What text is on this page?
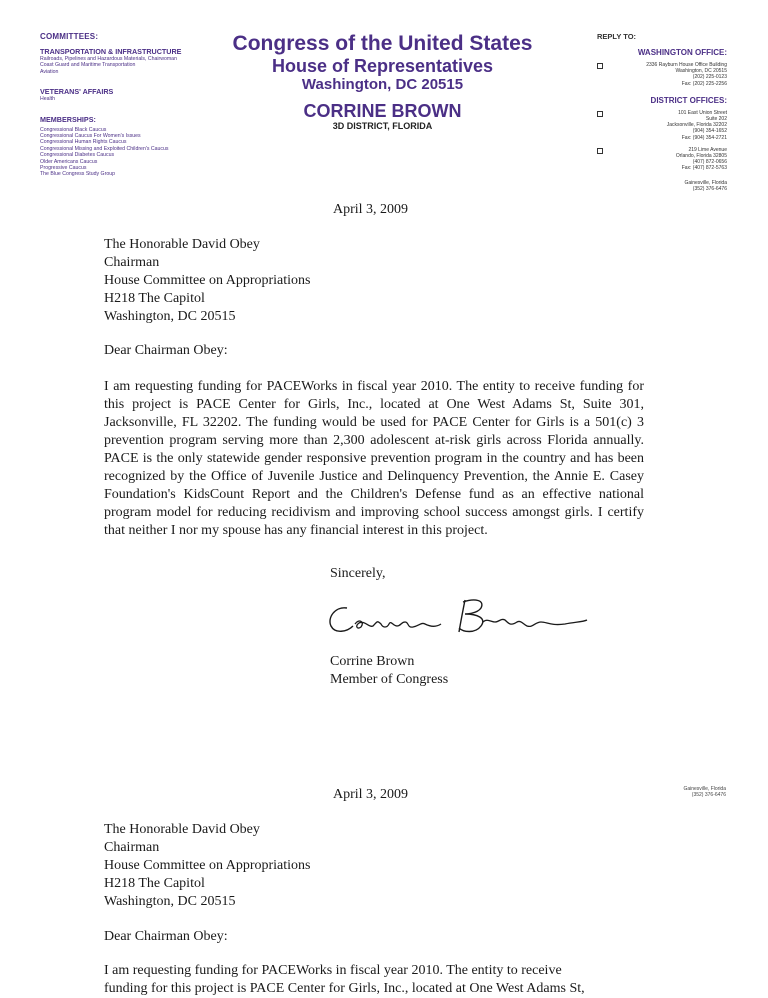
COMMITTEES:

TRANSPORTATION & INFRASTRUCTURE

Railroads, Pipelines and Hazardous Materials, Chairwoman

Coast Guard and Maritime Transportation

Aviation

VETERANS' AFFAIRS

Health

MEMBERSHIPS:

Congressional Black Caucus

Congressional Caucus For Women's Issues

Congressional Human Rights Caucus

Congressional Missing and Exploited Children's Caucus

Congressional Diabetes Caucus

Older Americans Caucus

Progressive Caucus

The Blue Congress Study Group

Congress of the United States
House of Representatives
Washington, DC 20515
CORRINE BROWN
3D DISTRICT, FLORIDA

REPLY TO:

WASHINGTON OFFICE:

2336 Rayburn House Office Building

Washington, DC 20515

(202) 225-0123

Fax: (202) 225-2256

DISTRICT OFFICES:

101 East Union Street

Suite 202

Jacksonville, Florida 32202

(904) 354-1652

Fax: (904) 354-2721

219 Lime Avenue

Orlando, Florida 32805

(407) 872-0656

Fax: (407) 872-5763

Gainesville, Florida

(352) 376-6476

April 3, 2009
The Honorable David Obey
Chairman
House Committee on Appropriations
H218 The Capitol
Washington, DC 20515
Dear Chairman Obey:
I am requesting funding for PACEWorks in fiscal year 2010. The entity to receive funding for this project is PACE Center for Girls, Inc., located at One West Adams St, Suite 301, Jacksonville, FL 32202. The funding would be used for PACE Center for Girls is a 501(c) 3 prevention program serving more than 2,300 adolescent at-risk girls across Florida annually. PACE is the only statewide gender responsive prevention program in the country and has been recognized by the Office of Juvenile Justice and Delinquency Prevention, the Annie E. Casey Foundation's KidsCount Report and the Children's Defense fund as an effective national program model for reducing recidivism and improving school success amongst girls. I certify that neither I nor my spouse has any financial interest in this project.
Sincerely,
Corrine Brown
Member of Congress
Gainesville, Florida
(352) 376-6476
April 3, 2009
The Honorable David Obey
Chairman
House Committee on Appropriations
H218 The Capitol
Washington, DC 20515
Dear Chairman Obey:
I am requesting funding for PACEWorks in fiscal year 2010. The entity to receive
funding for this project is PACE Center for Girls, Inc., located at One West Adams St,
